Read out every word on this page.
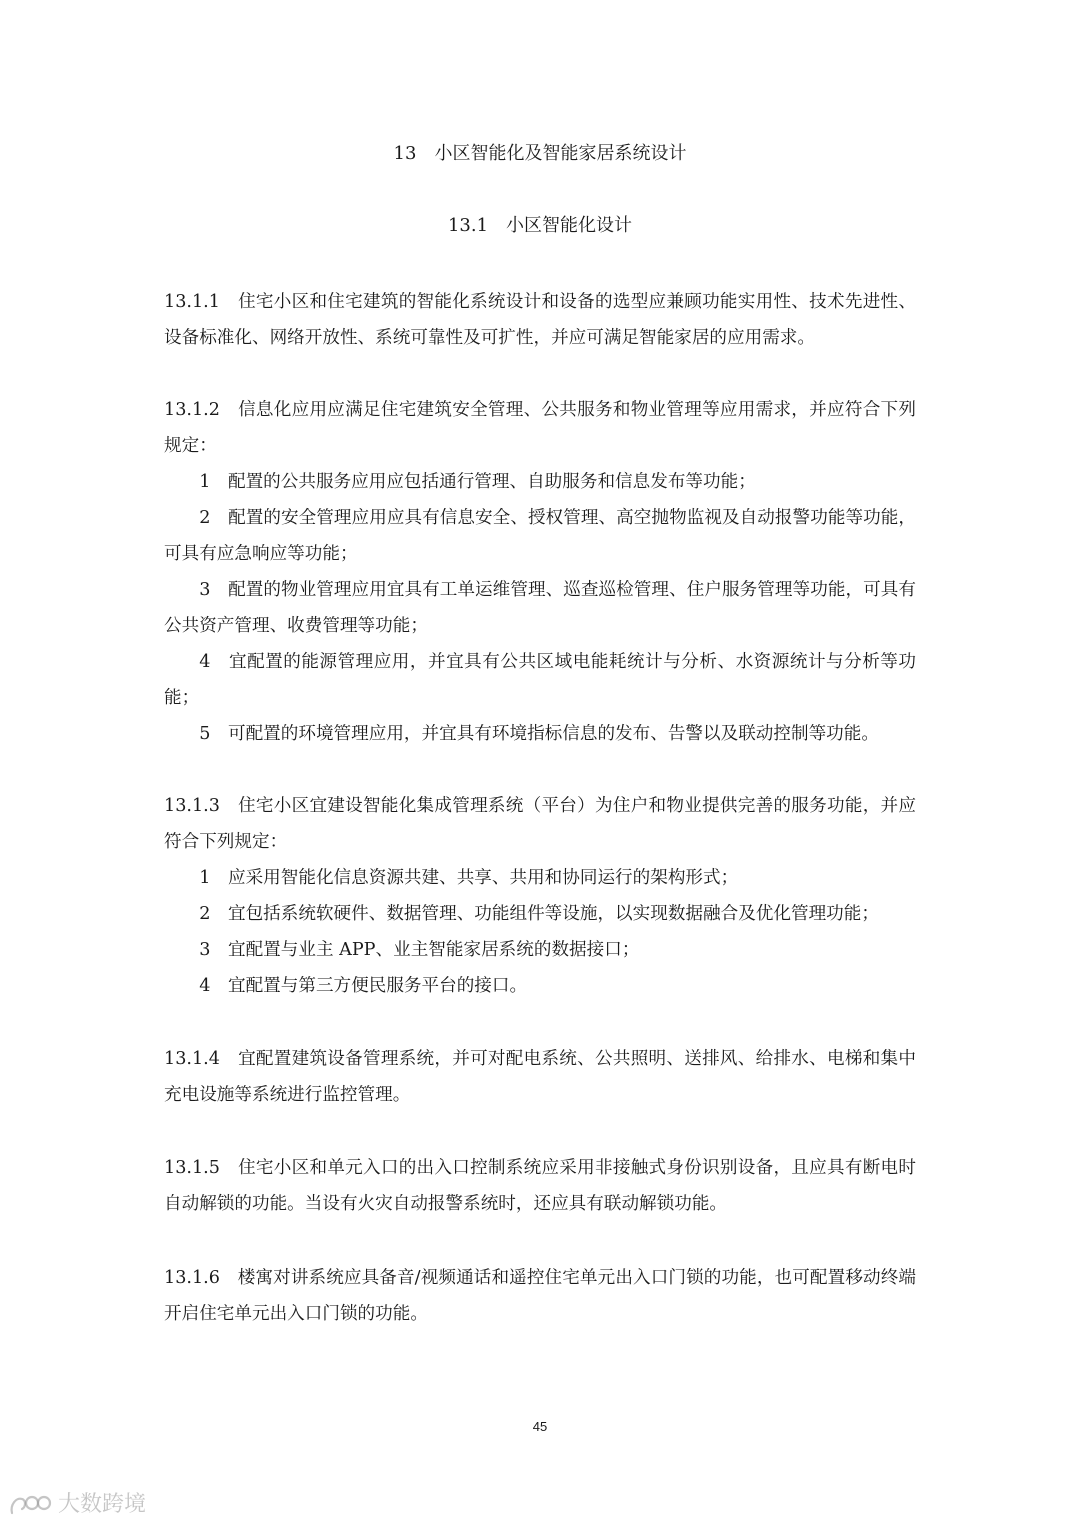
13　小区智能化及智能家居系统设计
13.1　小区智能化设计

13.1.1　 住宅小区和住宅建筑的智能化系统设计和设备的选型应兼顾功能实用性、技术先进性、设备标准化、网络开放性、系统可靠性及可扩性，并应可满足智能家居的应用需求。

13.1.2　 信息化应用应满足住宅建筑安全管理、公共服务和物业管理等应用需求，并应符合下列规定：

1　配置的公共服务应用应包括通行管理、自助服务和信息发布等功能；

2　配置的安全管理应用应具有信息安全、授权管理、高空抛物监视及自动报警功能等功能，可具有应急响应等功能；

3　配置的物业管理应用宜具有工单运维管理、巡查巡检管理、住户服务管理等功能，可具有公共资产管理、收费管理等功能；

4　宜配置的能源管理应用，并宜具有公共区域电能耗统计与分析、水资源统计与分析等功能；

5　可配置的环境管理应用，并宜具有环境指标信息的发布、告警以及联动控制等功能。

13.1.3　 住宅小区宜建设智能化集成管理系统（平台）为住户和物业提供完善的服务功能，并应符合下列规定：

1　应采用智能化信息资源共建、共享、共用和协同运行的架构形式；

2　宜包括系统软硬件、数据管理、功能组件等设施，以实现数据融合及优化管理功能；

3　宜配置与业主 APP、业主智能家居系统的数据接口；

4　宜配置与第三方便民服务平台的接口。

13.1.4　 宜配置建筑设备管理系统，并可对配电系统、公共照明、送排风、给排水、电梯和集中充电设施等系统进行监控管理。

13.1.5　 住宅小区和单元入口的出入口控制系统应采用非接触式身份识别设备，且应具有断电时自动解锁的功能。当设有火灾自动报警系统时，还应具有联动解锁功能。

13.1.6　 楼寓对讲系统应具备音/视频通话和遥控住宅单元出入口门锁的功能，也可配置移动终端开启住宅单元出入口门锁的功能。

45
大数跨境
